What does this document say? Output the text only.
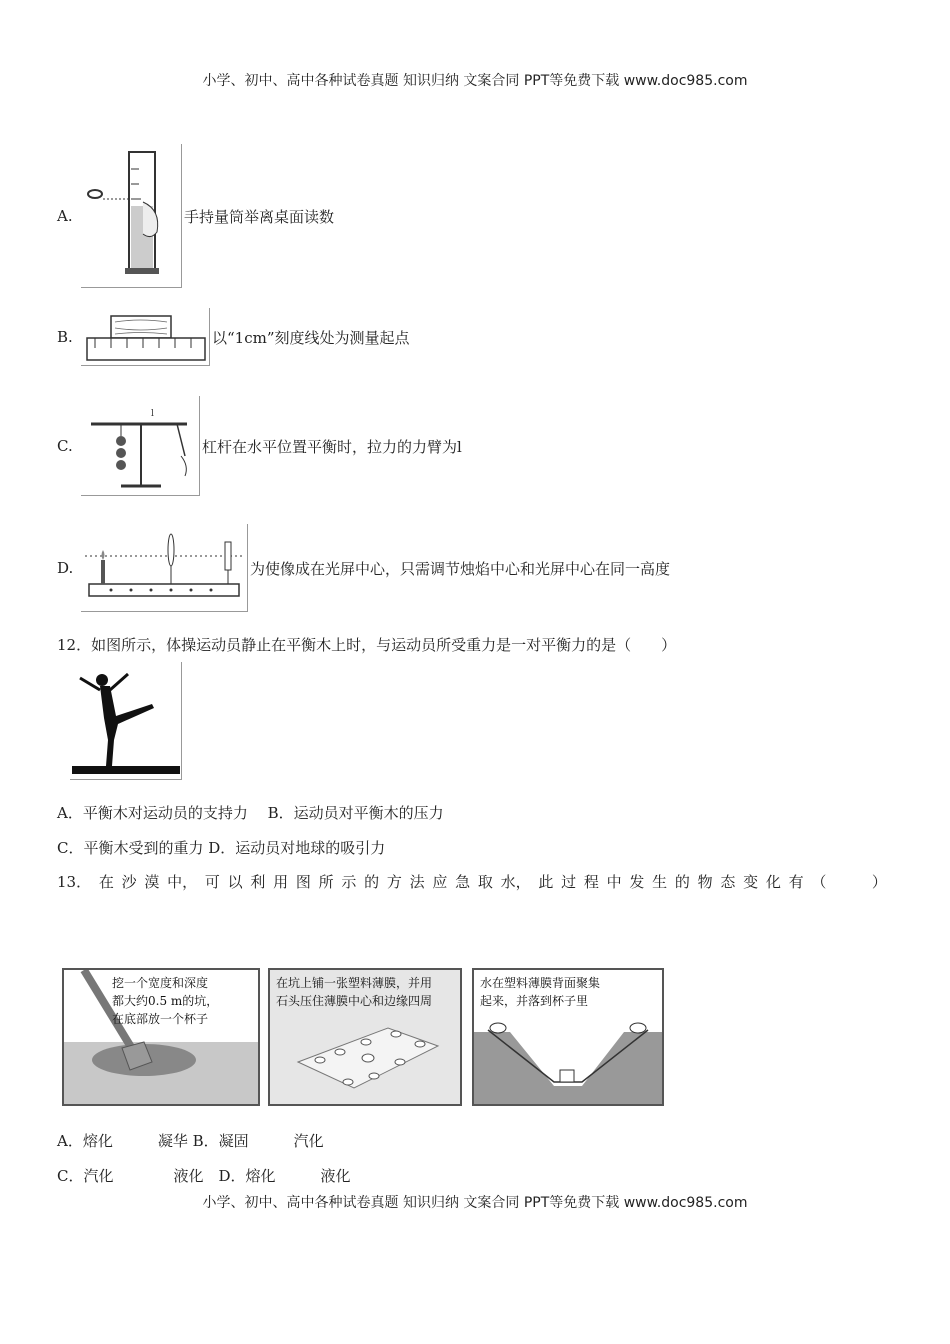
小学、初中、高中各种试卷真题 知识归纳 文案合同 PPT等免费下载 www.doc985.com
A.	手持量筒举离桌面读数
B.	以“1cm”刻度线处为测量起点
C.
l
杠杆在水平位置平衡时，拉力的力臂为l
D.	为使像成在光屏中心，只需调节烛焰中心和光屏中心在同一高度
12．如图所示，体操运动员静止在平衡木上时，与运动员所受重力是一对平衡力的是（　　）
A．平衡木对运动员的支持力　 B．运动员对平衡木的压力
C．平衡木受到的重力 D．运动员对地球的吸引力
13． 在 沙 漠 中， 可 以 利 用 图 所 示 的 方 法 应 急 取 水， 此 过 程 中 发 生 的 物 态 变 化 有 （
　　	）
挖一个宽度和深度
都大约0.5 m的坑，
在底部放一个杯子
在坑上铺一张塑料薄膜，并用
石头压住薄膜中心和边缘四周
水在塑料薄膜背面聚集
起来，并落到杯子里
A．熔化　　　凝华 B．凝固　　　汽化
C．汽化　　　　液化　D．熔化　　　液化
小学、初中、高中各种试卷真题 知识归纳 文案合同 PPT等免费下载 www.doc985.com
